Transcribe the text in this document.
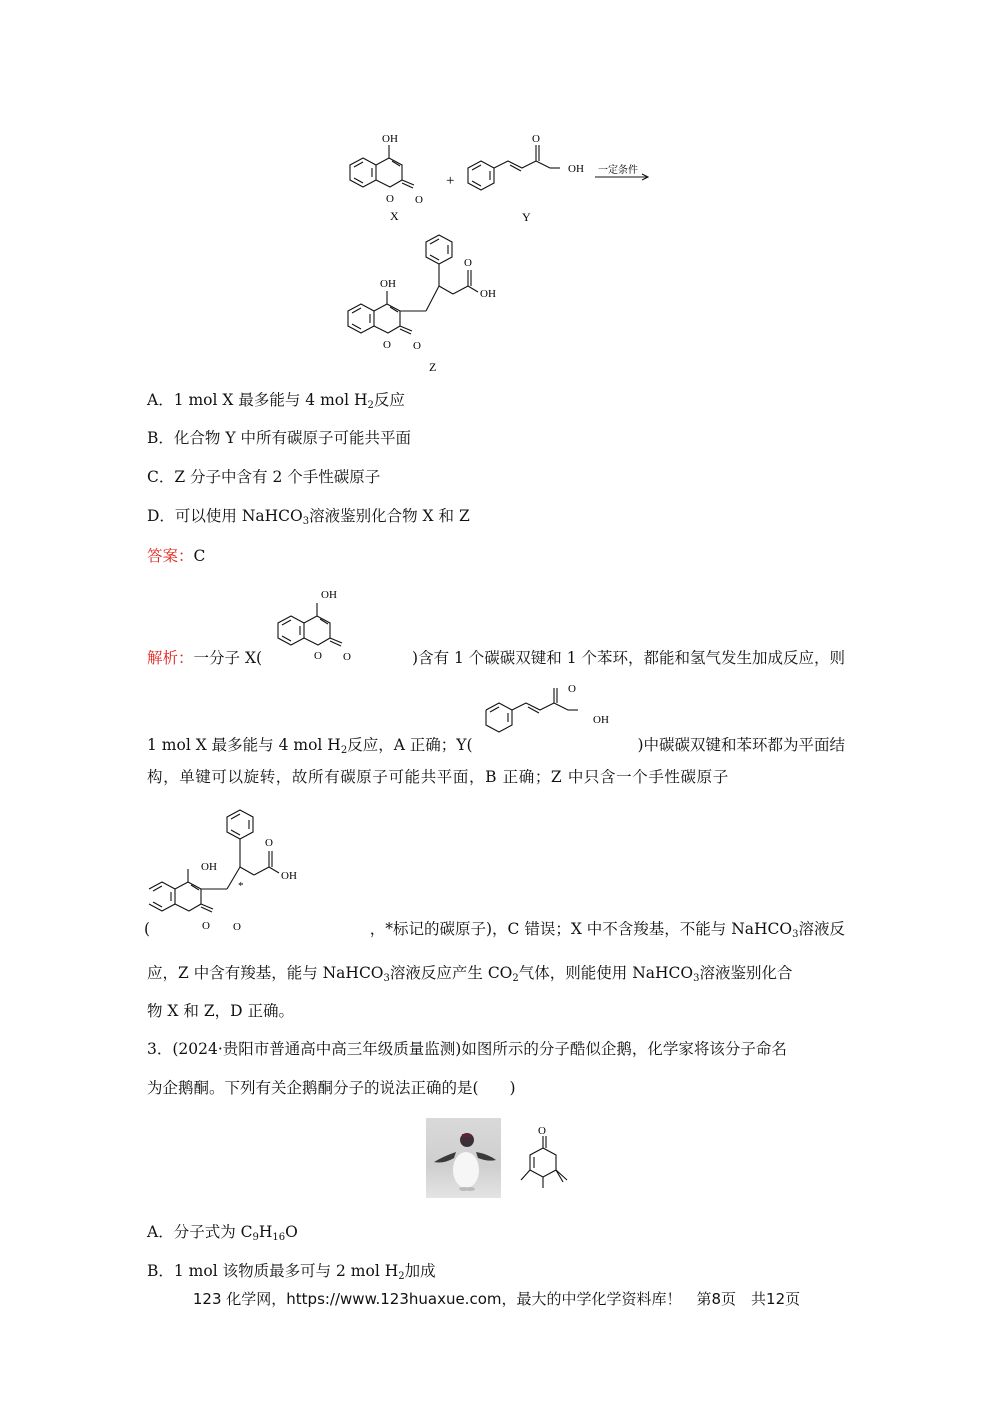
OH
O O
X
+
O
OH
Y
一定条件
OH
O
OH
O O
Z
A．1 mol X 最多能与 4 mol $H_2$反应
B．化合物 Y 中所有碳原子可能共平面
C．Z 分子中含有 2 个手性碳原子
D．可以使用 NaHCO$_3$溶液鉴别化合物 X 和 Z
答案：C
OH
O O
解析：一分子 X(	)含有 1 个碳碳双键和 1 个苯环，都能和氢气发生加成反应，则
O
OH
1 mol X 最多能与 4 mol $H_2$反应，A 正确；Y(	)中碳碳双键和苯环都为平面结
构，单键可以旋转，故所有碳原子可能共平面，B 正确；Z 中只含一个手性碳原子
OH
*
O
OH
O O
(	，*标记的碳原子)，C 错误；X 中不含羧基，不能与 NaHCO$_3$溶液反
应，Z 中含有羧基，能与 NaHCO$_3$溶液反应产生 $CO_2$气体，则能使用 NaHCO$_3$溶液鉴别化合
物 X 和 Z，D 正确。
3．(2024·贵阳市普通高中高三年级质量监测)如图所示的分子酷似企鹅，化学家将该分子命名
为企鹅酮。下列有关企鹅酮分子的说法正确的是(　　)
O
A．分子式为 $C_9H_{16}O$
B．1 mol 该物质最多可与 2 mol $H_2$加成
123 化学网，https://www.123huaxue.com，最大的中学化学资料库！　第8页　共12页
